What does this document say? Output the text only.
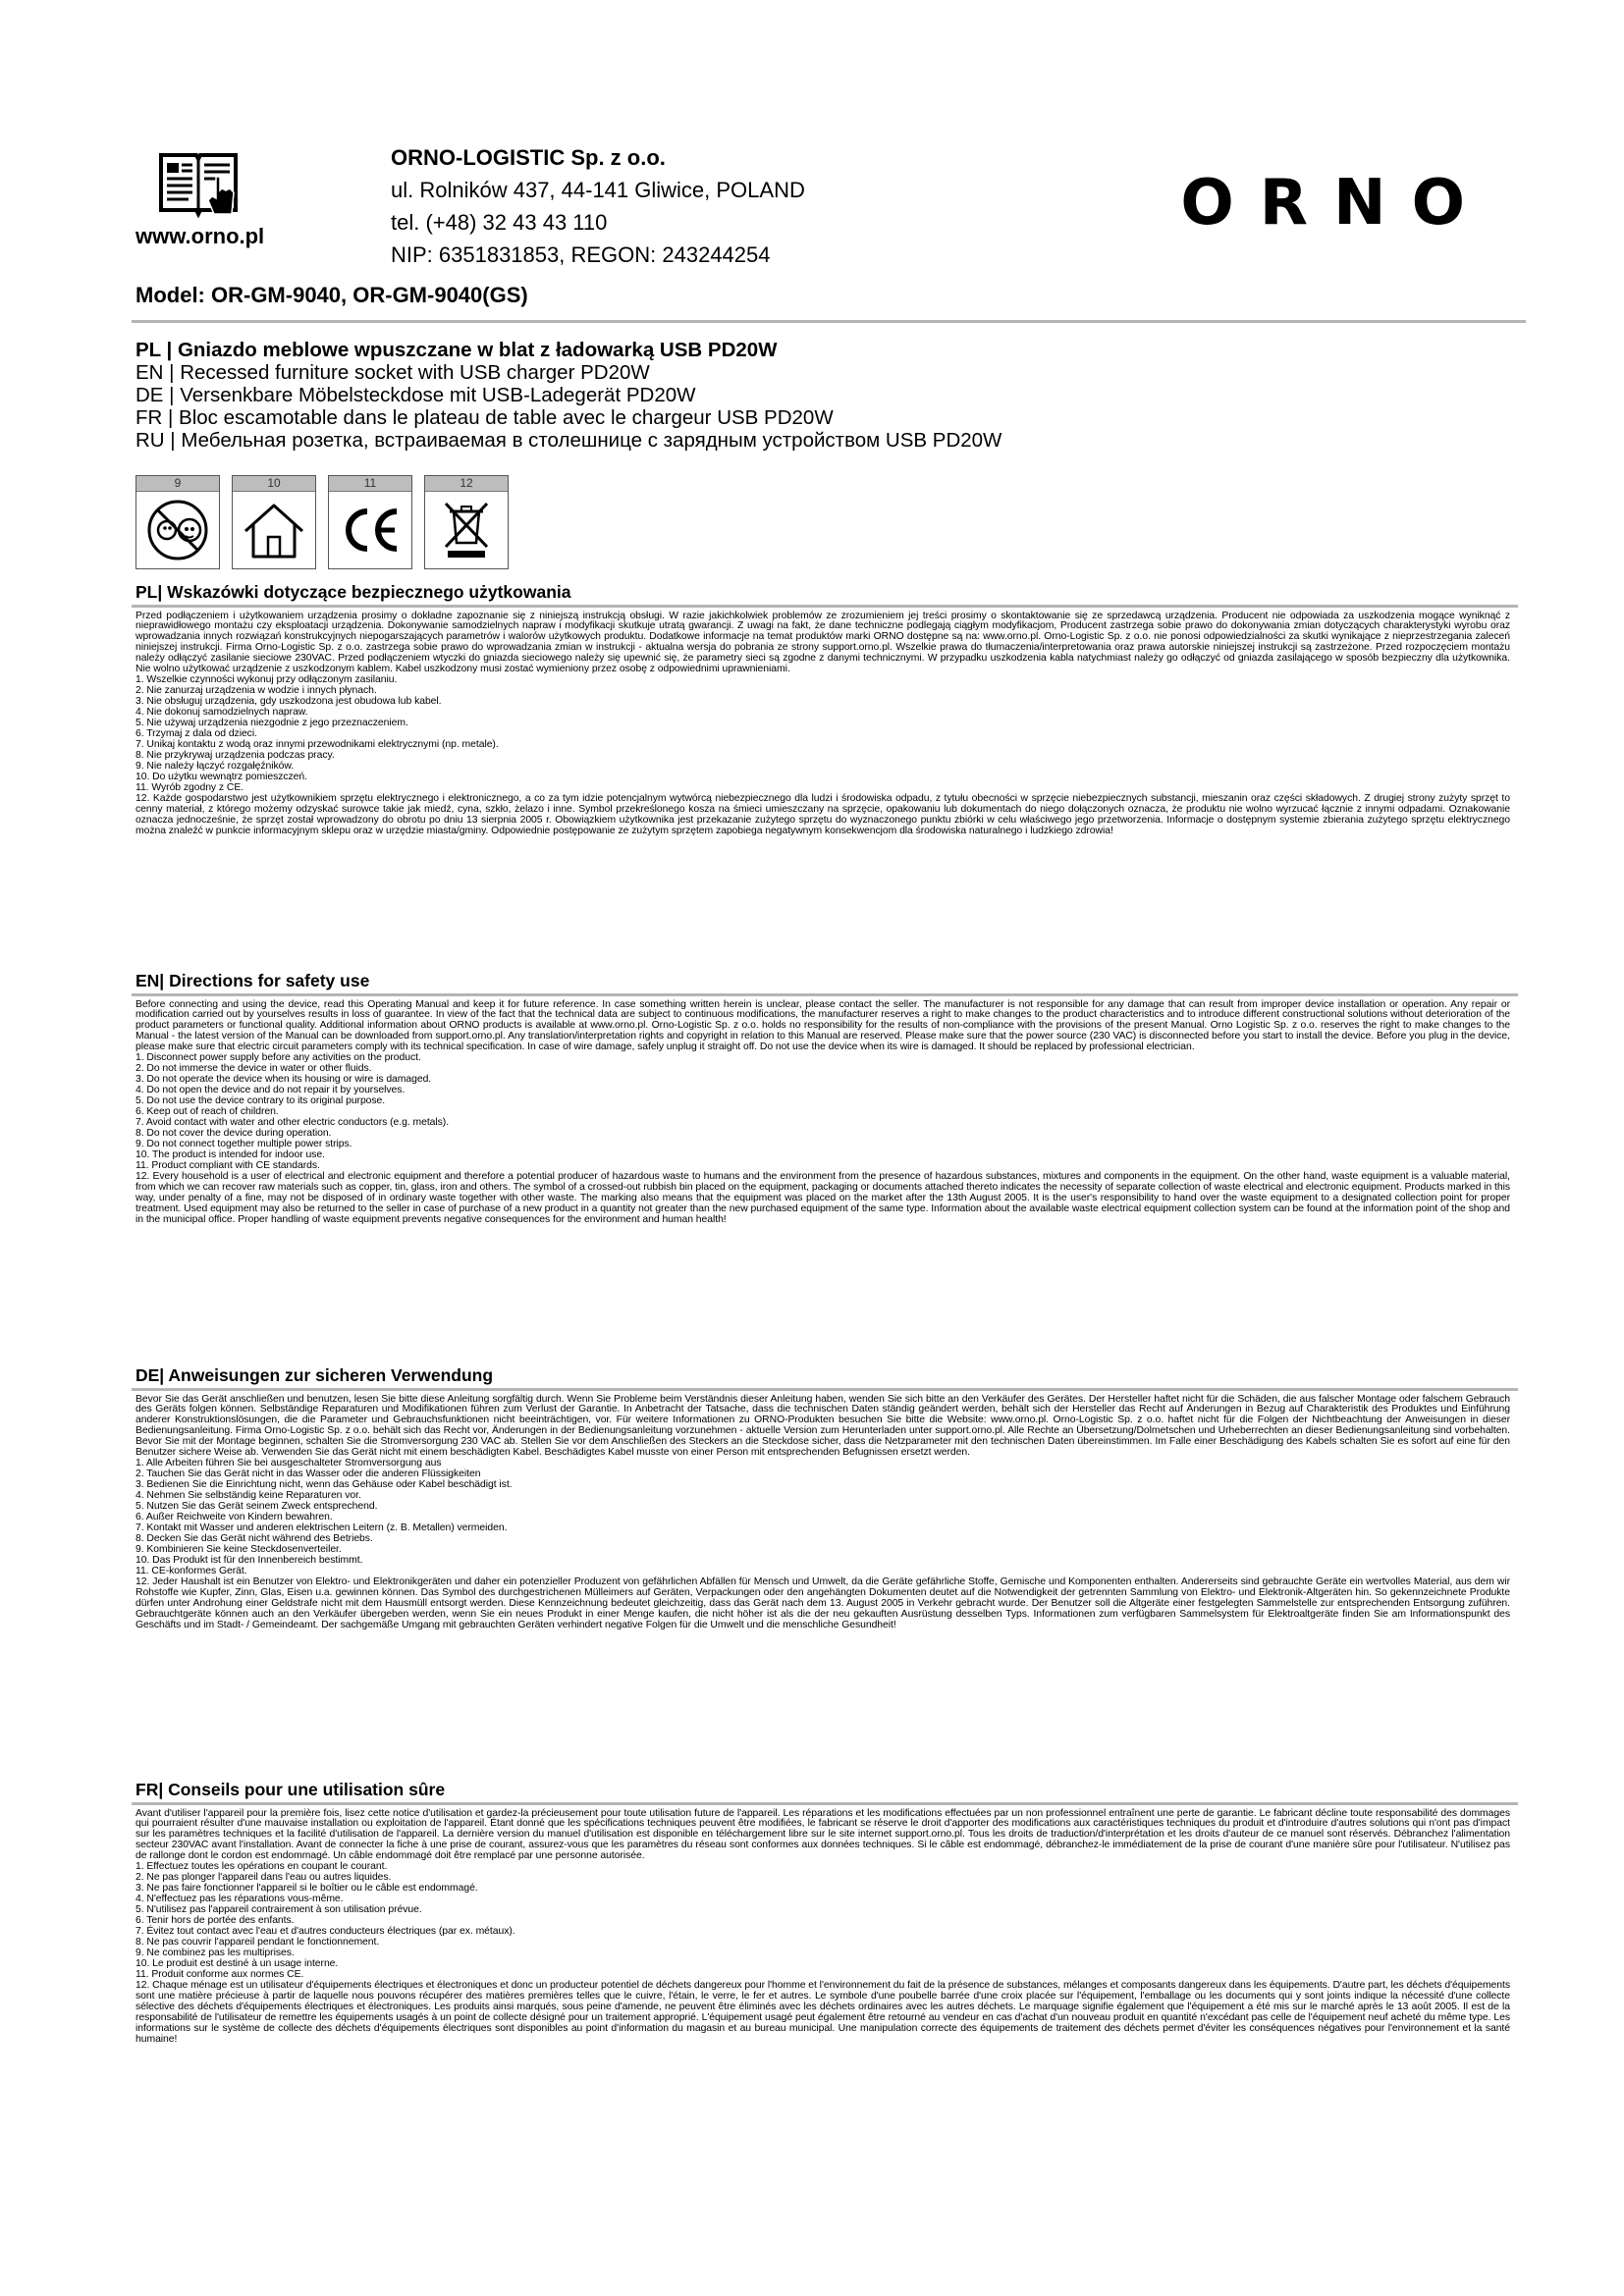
www.orno.pl
ORNO-LOGISTIC Sp. z o.o.
ul. Rolników 437, 44-141 Gliwice, POLAND
tel. (+48) 32 43 43 110
NIP: 6351831853, REGON: 243244254
ORNO
Model: OR-GM-9040, OR-GM-9040(GS)
PL | Gniazdo meblowe wpuszczane w blat z ładowarką USB PD20W
EN | Recessed furniture socket with USB charger PD20W
DE | Versenkbare Möbelsteckdose mit USB-Ladegerät PD20W
FR | Bloc escamotable dans le plateau de table avec le chargeur USB PD20W
RU | Мебельная розетка, встраиваемая в столешнице с зарядным устройством USB PD20W
9	10	11	12
PL| Wskazówki dotyczące bezpiecznego użytkowania

Przed podłączeniem i użytkowaniem urządzenia prosimy o dokładne zapoznanie się z niniejszą instrukcją obsługi. W razie jakichkolwiek problemów ze zrozumieniem jej treści prosimy o skontaktowanie się ze sprzedawcą urządzenia. Producent nie odpowiada za uszkodzenia mogące wyniknąć z nieprawidłowego montażu czy eksploatacji urządzenia. Dokonywanie samodzielnych napraw i modyfikacji skutkuje utratą gwarancji. Z uwagi na fakt, że dane techniczne podlegają ciągłym modyfikacjom, Producent zastrzega sobie prawo do dokonywania zmian dotyczących charakterystyki wyrobu oraz wprowadzania innych rozwiązań konstrukcyjnych niepogarszających parametrów i walorów użytkowych produktu. Dodatkowe informacje na temat produktów marki ORNO dostępne są na: www.orno.pl. Orno-Logistic Sp. z o.o. nie ponosi odpowiedzialności za skutki wynikające z nieprzestrzegania zaleceń niniejszej instrukcji. Firma Orno-Logistic Sp. z o.o. zastrzega sobie prawo do wprowadzania zmian w instrukcji - aktualna wersja do pobrania ze strony support.orno.pl. Wszelkie prawa do tłumaczenia/interpretowania oraz prawa autorskie niniejszej instrukcji są zastrzeżone. Przed rozpoczęciem montażu należy odłączyć zasilanie sieciowe 230VAC. Przed podłączeniem wtyczki do gniazda sieciowego należy się upewnić się, że parametry sieci są zgodne z danymi technicznymi. W przypadku uszkodzenia kabla natychmiast należy go odłączyć od gniazda zasilającego w sposób bezpieczny dla użytkownika. Nie wolno użytkować urządzenie z uszkodzonym kablem. Kabel uszkodzony musi zostać wymieniony przez osobę z odpowiednimi uprawnieniami.

1. Wszelkie czynności wykonuj przy odłączonym zasilaniu.

2. Nie zanurzaj urządzenia w wodzie i innych płynach.

3. Nie obsługuj urządzenia, gdy uszkodzona jest obudowa lub kabel.

4. Nie dokonuj samodzielnych napraw.

5. Nie używaj urządzenia niezgodnie z jego przeznaczeniem.

6. Trzymaj z dala od dzieci.

7. Unikaj kontaktu z wodą oraz innymi przewodnikami elektrycznymi (np. metale).

8. Nie przykrywaj urządzenia podczas pracy.

9. Nie należy łączyć rozgałęźników.

10. Do użytku wewnątrz pomieszczeń.

11. Wyrób zgodny z CE.

12. Każde gospodarstwo jest użytkownikiem sprzętu elektrycznego i elektronicznego, a co za tym idzie potencjalnym wytwórcą niebezpiecznego dla ludzi i środowiska odpadu, z tytułu obecności w sprzęcie niebezpiecznych substancji, mieszanin oraz części składowych. Z drugiej strony zużyty sprzęt to cenny materiał, z którego możemy odzyskać surowce takie jak miedź, cyna, szkło, żelazo i inne. Symbol przekreślonego kosza na śmieci umieszczany na sprzęcie, opakowaniu lub dokumentach do niego dołączonych oznacza, że produktu nie wolno wyrzucać łącznie z innymi odpadami. Oznakowanie oznacza jednocześnie, że sprzęt został wprowadzony do obrotu po dniu 13 sierpnia 2005 r. Obowiązkiem użytkownika jest przekazanie zużytego sprzętu do wyznaczonego punktu zbiórki w celu właściwego jego przetworzenia. Informacje o dostępnym systemie zbierania zużytego sprzętu elektrycznego można znaleźć w punkcie informacyjnym sklepu oraz w urzędzie miasta/gminy. Odpowiednie postępowanie ze zużytym sprzętem zapobiega negatywnym konsekwencjom dla środowiska naturalnego i ludzkiego zdrowia!

EN| Directions for safety use

Before connecting and using the device, read this Operating Manual and keep it for future reference. In case something written herein is unclear, please contact the seller. The manufacturer is not responsible for any damage that can result from improper device installation or operation. Any repair or modification carried out by yourselves results in loss of guarantee. In view of the fact that the technical data are subject to continuous modifications, the manufacturer reserves a right to make changes to the product characteristics and to introduce different constructional solutions without deterioration of the product parameters or functional quality. Additional information about ORNO products is available at www.orno.pl. Orno-Logistic Sp. z o.o. holds no responsibility for the results of non-compliance with the provisions of the present Manual. Orno Logistic Sp. z o.o. reserves the right to make changes to the Manual - the latest version of the Manual can be downloaded from support.orno.pl. Any translation/interpretation rights and copyright in relation to this Manual are reserved. Please make sure that the power source (230 VAC) is disconnected before you start to install the device. Before you plug in the device, please make sure that electric circuit parameters comply with its technical specification. In case of wire damage, safely unplug it straight off. Do not use the device when its wire is damaged. It should be replaced by professional electrician.

1. Disconnect power supply before any activities on the product.

2. Do not immerse the device in water or other fluids.

3. Do not operate the device when its housing or wire is damaged.

4. Do not open the device and do not repair it by yourselves.

5. Do not use the device contrary to its original purpose.

6. Keep out of reach of children.

7. Avoid contact with water and other electric conductors (e.g. metals).

8. Do not cover the device during operation.

9. Do not connect together multiple power strips.

10. The product is intended for indoor use.

11. Product compliant with CE standards.

12. Every household is a user of electrical and electronic equipment and therefore a potential producer of hazardous waste to humans and the environment from the presence of hazardous substances, mixtures and components in the equipment. On the other hand, waste equipment is a valuable material, from which we can recover raw materials such as copper, tin, glass, iron and others. The symbol of a crossed-out rubbish bin placed on the equipment, packaging or documents attached thereto indicates the necessity of separate collection of waste electrical and electronic equipment. Products marked in this way, under penalty of a fine, may not be disposed of in ordinary waste together with other waste. The marking also means that the equipment was placed on the market after the 13th August 2005. It is the user's responsibility to hand over the waste equipment to a designated collection point for proper treatment. Used equipment may also be returned to the seller in case of purchase of a new product in a quantity not greater than the new purchased equipment of the same type. Information about the available waste electrical equipment collection system can be found at the information point of the shop and in the municipal office. Proper handling of waste equipment prevents negative consequences for the environment and human health!

DE| Anweisungen zur sicheren Verwendung

Bevor Sie das Gerät anschließen und benutzen, lesen Sie bitte diese Anleitung sorgfältig durch. Wenn Sie Probleme beim Verständnis dieser Anleitung haben, wenden Sie sich bitte an den Verkäufer des Gerätes. Der Hersteller haftet nicht für die Schäden, die aus falscher Montage oder falschem Gebrauch des Geräts folgen können. Selbständige Reparaturen und Modifikationen führen zum Verlust der Garantie. In Anbetracht der Tatsache, dass die technischen Daten ständig geändert werden, behält sich der Hersteller das Recht auf Änderungen in Bezug auf Charakteristik des Produktes und Einführung anderer Konstruktionslösungen, die die Parameter und Gebrauchsfunktionen nicht beeinträchtigen, vor. Für weitere Informationen zu ORNO-Produkten besuchen Sie bitte die Website: www.orno.pl. Orno-Logistic Sp. z o.o. haftet nicht für die Folgen der Nichtbeachtung der Anweisungen in dieser Bedienungsanleitung. Firma Orno-Logistic Sp. z o.o. behält sich das Recht vor, Änderungen in der Bedienungsanleitung vorzunehmen - aktuelle Version zum Herunterladen unter support.orno.pl. Alle Rechte an Übersetzung/Dolmetschen und Urheberrechten an dieser Bedienungsanleitung sind vorbehalten. Bevor Sie mit der Montage beginnen, schalten Sie die Stromversorgung 230 VAC ab. Stellen Sie vor dem Anschließen des Steckers an die Steckdose sicher, dass die Netzparameter mit den technischen Daten übereinstimmen. Im Falle einer Beschädigung des Kabels schalten Sie es sofort auf eine für den Benutzer sichere Weise ab. Verwenden Sie das Gerät nicht mit einem beschädigten Kabel. Beschädigtes Kabel musste von einer Person mit entsprechenden Befugnissen ersetzt werden.

1. Alle Arbeiten führen Sie bei ausgeschalteter Stromversorgung aus

2. Tauchen Sie das Gerät nicht in das Wasser oder die anderen Flüssigkeiten

3. Bedienen Sie die Einrichtung nicht, wenn das Gehäuse oder Kabel beschädigt ist.

4. Nehmen Sie selbständig keine Reparaturen vor.

5. Nutzen Sie das Gerät seinem Zweck entsprechend.

6. Außer Reichweite von Kindern bewahren.

7. Kontakt mit Wasser und anderen elektrischen Leitern (z. B. Metallen) vermeiden.

8. Decken Sie das Gerät nicht während des Betriebs.

9. Kombinieren Sie keine Steckdosenverteiler.

10. Das Produkt ist für den Innenbereich bestimmt.

11. CE-konformes Gerät.

12. Jeder Haushalt ist ein Benutzer von Elektro- und Elektronikgeräten und daher ein potenzieller Produzent von gefährlichen Abfällen für Mensch und Umwelt, da die Geräte gefährliche Stoffe, Gemische und Komponenten enthalten. Andererseits sind gebrauchte Geräte ein wertvolles Material, aus dem wir Rohstoffe wie Kupfer, Zinn, Glas, Eisen u.a. gewinnen können. Das Symbol des durchgestrichenen Mülleimers auf Geräten, Verpackungen oder den angehängten Dokumenten deutet auf die Notwendigkeit der getrennten Sammlung von Elektro- und Elektronik-Altgeräten hin. So gekennzeichnete Produkte dürfen unter Androhung einer Geldstrafe nicht mit dem Hausmüll entsorgt werden. Diese Kennzeichnung bedeutet gleichzeitig, dass das Gerät nach dem 13. August 2005 in Verkehr gebracht wurde. Der Benutzer soll die Altgeräte einer festgelegten Sammelstelle zur entsprechenden Entsorgung zuführen. Gebrauchtgeräte können auch an den Verkäufer übergeben werden, wenn Sie ein neues Produkt in einer Menge kaufen, die nicht höher ist als die der neu gekauften Ausrüstung desselben Typs. Informationen zum verfügbaren Sammelsystem für Elektroaltgeräte finden Sie am Informationspunkt des Geschäfts und im Stadt- / Gemeindeamt. Der sachgemäße Umgang mit gebrauchten Geräten verhindert negative Folgen für die Umwelt und die menschliche Gesundheit!

FR| Conseils pour une utilisation sûre

Avant d'utiliser l'appareil pour la première fois, lisez cette notice d'utilisation et gardez-la précieusement pour toute utilisation future de l'appareil. Les réparations et les modifications effectuées par un non professionnel entraînent une perte de garantie. Le fabricant décline toute responsabilité des dommages qui pourraient résulter d'une mauvaise installation ou exploitation de l'appareil. Étant donné que les spécifications techniques peuvent être modifiées, le fabricant se réserve le droit d'apporter des modifications aux caractéristiques techniques du produit et d'introduire d'autres solutions qui n'ont pas d'impact sur les paramètres techniques et la facilité d'utilisation de l'appareil. La dernière version du manuel d'utilisation est disponible en téléchargement libre sur le site internet support.orno.pl. Tous les droits de traduction/d'interprétation et les droits d'auteur de ce manuel sont réservés. Débranchez l'alimentation secteur 230VAC avant l'installation. Avant de connecter la fiche à une prise de courant, assurez-vous que les paramètres du réseau sont conformes aux données techniques. Si le câble est endommagé, débranchez-le immédiatement de la prise de courant d'une manière sûre pour l'utilisateur. N'utilisez pas de rallonge dont le cordon est endommagé. Un câble endommagé doit être remplacé par une personne autorisée.

1. Effectuez toutes les opérations en coupant le courant.

2. Ne pas plonger l'appareil dans l'eau ou autres liquides.

3. Ne pas faire fonctionner l'appareil si le boîtier ou le câble est endommagé.

4. N'effectuez pas les réparations vous-même.

5. N'utilisez pas l'appareil contrairement à son utilisation prévue.

6. Tenir hors de portée des enfants.

7. Évitez tout contact avec l'eau et d'autres conducteurs électriques (par ex. métaux).

8. Ne pas couvrir l'appareil pendant le fonctionnement.

9. Ne combinez pas les multiprises.

10. Le produit est destiné à un usage interne.

11. Produit conforme aux normes CE.

12. Chaque ménage est un utilisateur d'équipements électriques et électroniques et donc un producteur potentiel de déchets dangereux pour l'homme et l'environnement du fait de la présence de substances, mélanges et composants dangereux dans les équipements. D'autre part, les déchets d'équipements sont une matière précieuse à partir de laquelle nous pouvons récupérer des matières premières telles que le cuivre, l'étain, le verre, le fer et autres. Le symbole d'une poubelle barrée d'une croix placée sur l'équipement, l'emballage ou les documents qui y sont joints indique la nécessité d'une collecte sélective des déchets d'équipements électriques et électroniques. Les produits ainsi marqués, sous peine d'amende, ne peuvent être éliminés avec les déchets ordinaires avec les autres déchets. Le marquage signifie également que l'équipement a été mis sur le marché après le 13 août 2005. Il est de la responsabilité de l'utilisateur de remettre les équipements usagés à un point de collecte désigné pour un traitement approprié. L'équipement usagé peut également être retourné au vendeur en cas d'achat d'un nouveau produit en quantité n'excédant pas celle de l'équipement neuf acheté du même type. Les informations sur le système de collecte des déchets d'équipements électriques sont disponibles au point d'information du magasin et au bureau municipal. Une manipulation correcte des équipements de traitement des déchets permet d'éviter les conséquences négatives pour l'environnement et la santé humaine!
